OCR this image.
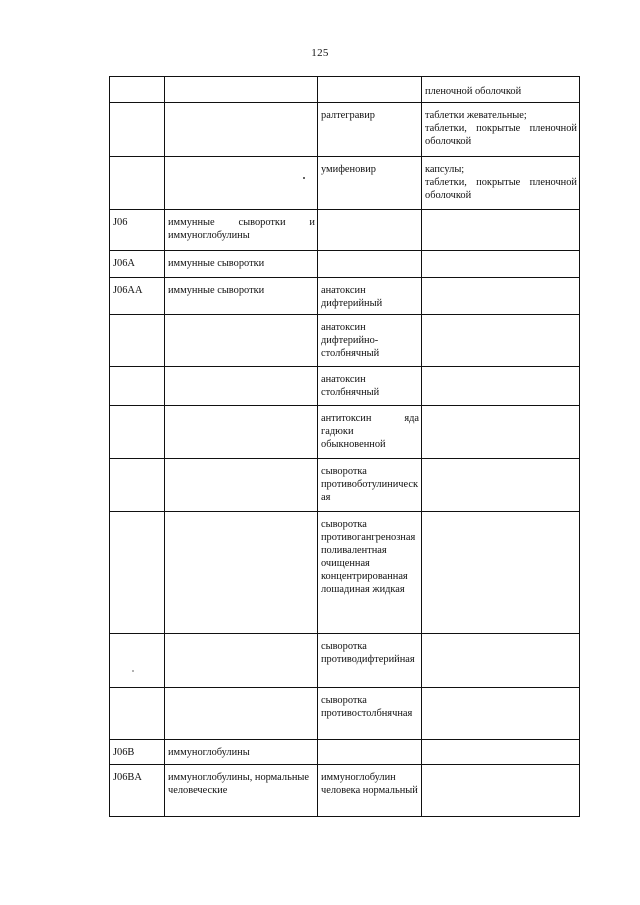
125

			пленочной оболочкой

		ралтегравир	таблетки жевательные;
таблетки, покрытые пленочной оболочкой

		умифеновир	капсулы;
таблетки, покрытые пленочной оболочкой

J06	иммунные сыворотки и иммуноглобулины		

J06A	иммунные сыворотки		

J06AA	иммунные сыворотки	анатоксин дифтерийный	

		анатоксин дифтерийно-столбнячный	

		анатоксин столбнячный	

		антитоксин яда гадюки обыкновенной	

		сыворотка противоботулиническая	

		сыворотка противогангренозная поливалентная очищенная концентрированная лошадиная жидкая	

		сыворотка противодифтерийная	

		сыворотка противостолбнячная	

J06B	иммуноглобулины		

J06BA	иммуноглобулины, нормальные человеческие	иммуноглобулин человека нормальный	
